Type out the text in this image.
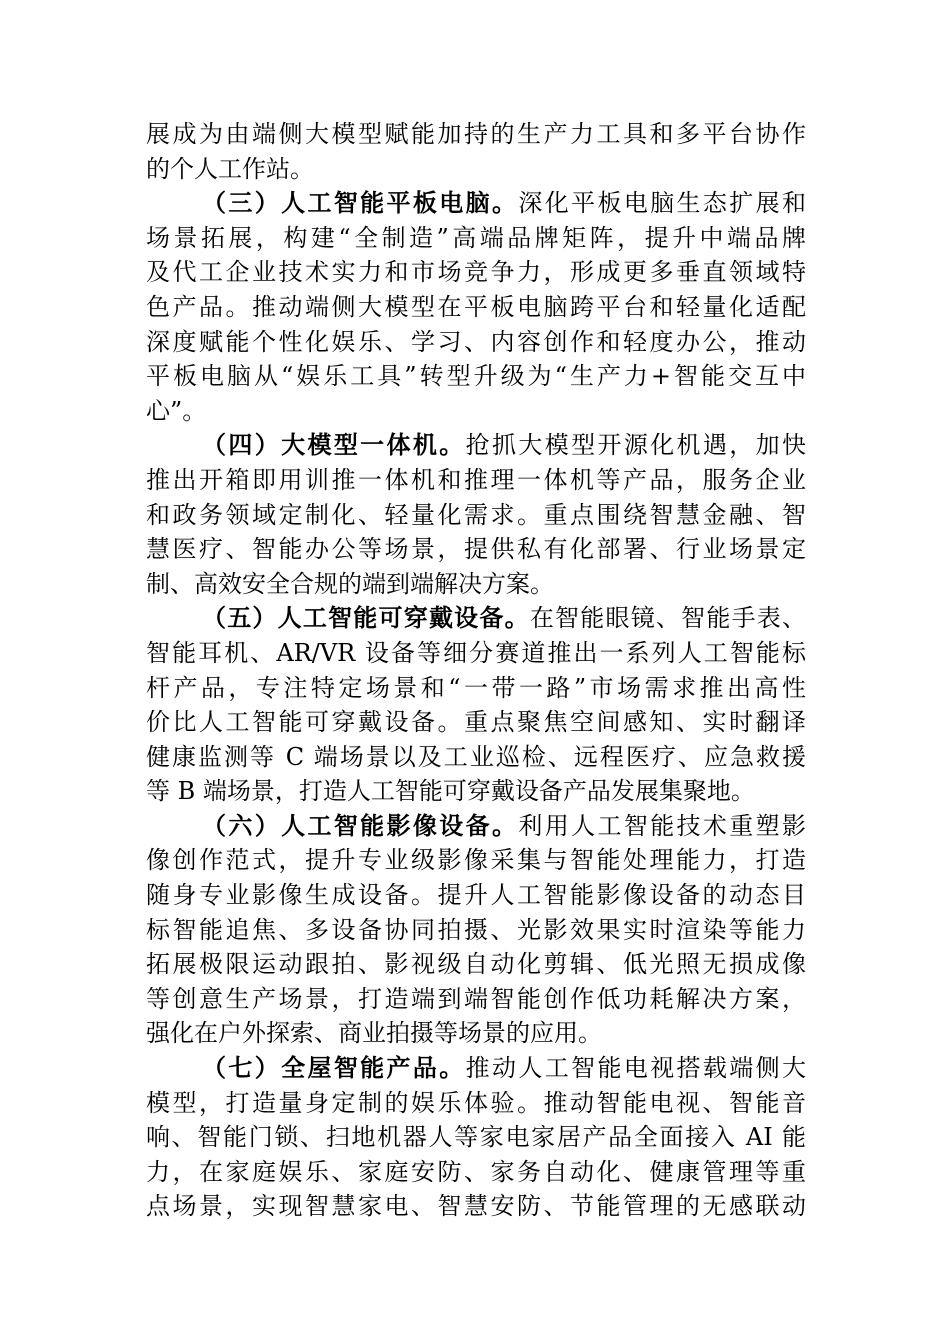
展成为由端侧大模型赋能加持的生产力工具和多平台协作
的个人工作站。
（三）人工智能平板电脑。深化平板电脑生态扩展和
场景拓展，构建“全制造”高端品牌矩阵，提升中端品牌
及代工企业技术实力和市场竞争力，形成更多垂直领域特
色产品。推动端侧大模型在平板电脑跨平台和轻量化适配
深度赋能个性化娱乐、学习、内容创作和轻度办公，推动
平板电脑从“娱乐工具”转型升级为“生产力+智能交互中
心”。
（四）大模型一体机。抢抓大模型开源化机遇，加快
推出开箱即用训推一体机和推理一体机等产品，服务企业
和政务领域定制化、轻量化需求。重点围绕智慧金融、智
慧医疗、智能办公等场景，提供私有化部署、行业场景定
制、高效安全合规的端到端解决方案。
（五）人工智能可穿戴设备。在智能眼镜、智能手表、
智能耳机、AR/VR 设备等细分赛道推出一系列人工智能标
杆产品，专注特定场景和“一带一路”市场需求推出高性
价比人工智能可穿戴设备。重点聚焦空间感知、实时翻译
健康监测等 C 端场景以及工业巡检、远程医疗、应急救援
等 B 端场景，打造人工智能可穿戴设备产品发展集聚地。
（六）人工智能影像设备。利用人工智能技术重塑影
像创作范式，提升专业级影像采集与智能处理能力，打造
随身专业影像生成设备。提升人工智能影像设备的动态目
标智能追焦、多设备协同拍摄、光影效果实时渲染等能力
拓展极限运动跟拍、影视级自动化剪辑、低光照无损成像
等创意生产场景，打造端到端智能创作低功耗解决方案，
强化在户外探索、商业拍摄等场景的应用。
（七）全屋智能产品。推动人工智能电视搭载端侧大
模型，打造量身定制的娱乐体验。推动智能电视、智能音
响、智能门锁、扫地机器人等家电家居产品全面接入 AI 能
力，在家庭娱乐、家庭安防、家务自动化、健康管理等重
点场景，实现智慧家电、智慧安防、节能管理的无感联动
